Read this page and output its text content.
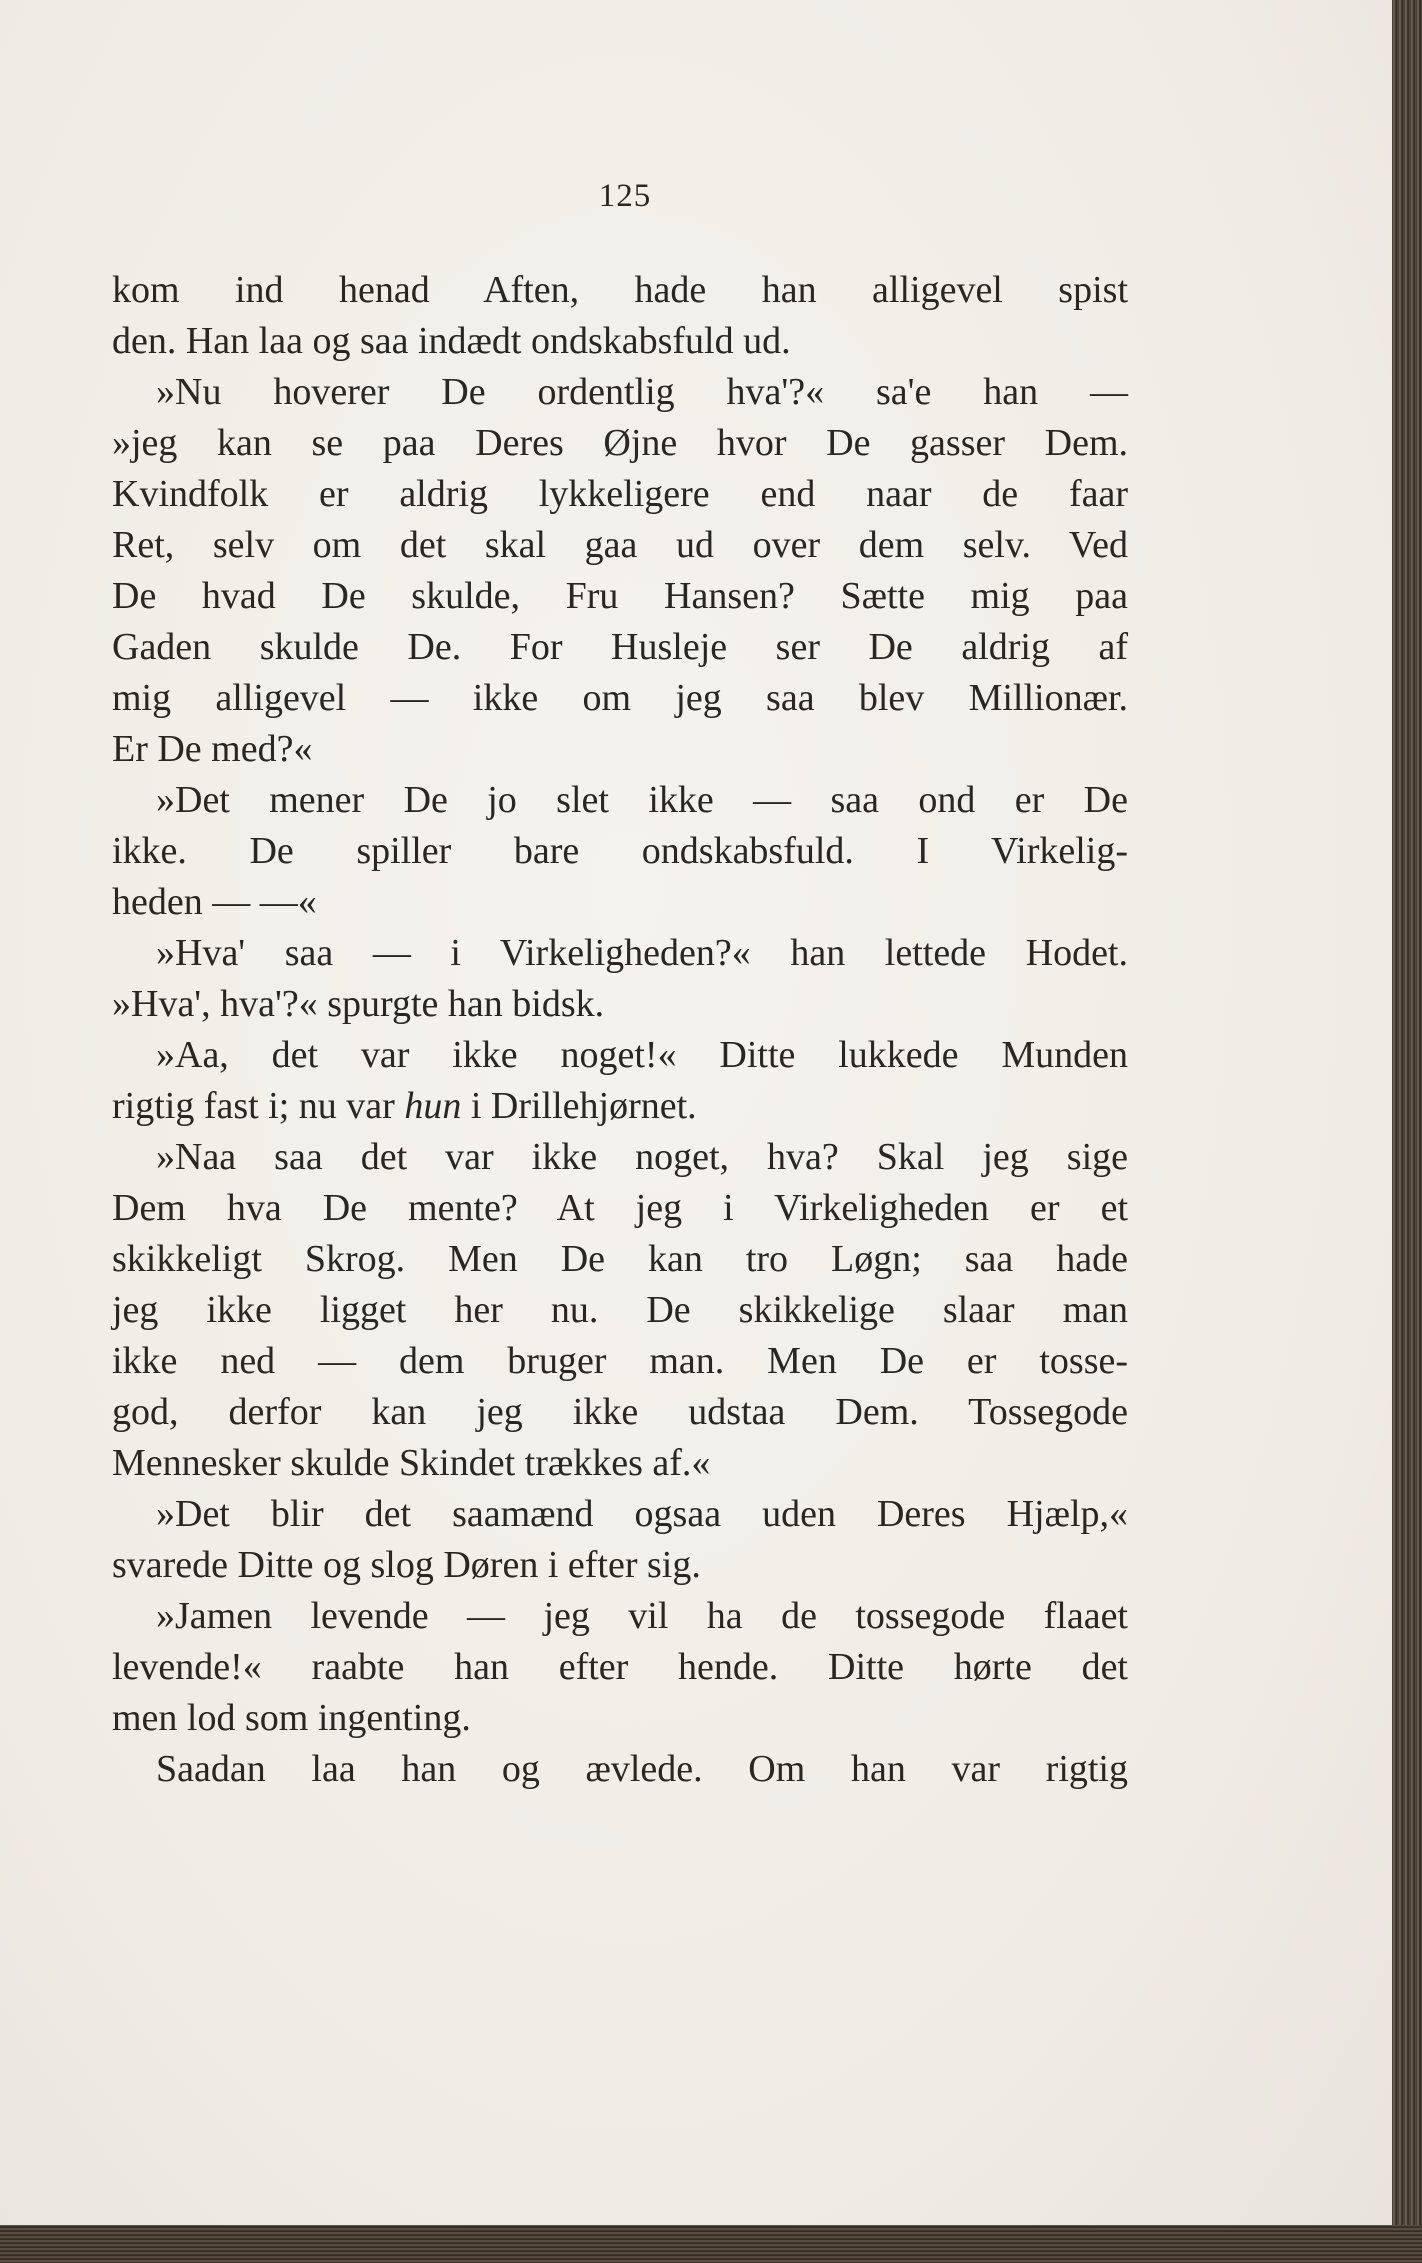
125
kom ind henad Aften, hade han alligevel spist
den. Han laa og saa indædt ondskabsfuld ud.
»Nu hoverer De ordentlig hva'?« sa'e han —
»jeg kan se paa Deres Øjne hvor De gasser Dem.
Kvindfolk er aldrig lykkeligere end naar de faar
Ret, selv om det skal gaa ud over dem selv. Ved
De hvad De skulde, Fru Hansen? Sætte mig paa
Gaden skulde De. For Husleje ser De aldrig af
mig alligevel — ikke om jeg saa blev Millionær.
Er De med?«
»Det mener De jo slet ikke — saa ond er De
ikke. De spiller bare ondskabsfuld. I Virkelig-
heden — —«
»Hva' saa — i Virkeligheden?« han lettede Hodet.
»Hva', hva'?« spurgte han bidsk.
»Aa, det var ikke noget!« Ditte lukkede Munden
rigtig fast i; nu var hun i Drillehjørnet.
»Naa saa det var ikke noget, hva? Skal jeg sige
Dem hva De mente? At jeg i Virkeligheden er et
skikkeligt Skrog. Men De kan tro Løgn; saa hade
jeg ikke ligget her nu. De skikkelige slaar man
ikke ned — dem bruger man. Men De er tosse-
god, derfor kan jeg ikke udstaa Dem. Tossegode
Mennesker skulde Skindet trækkes af.«
»Det blir det saamænd ogsaa uden Deres Hjælp,«
svarede Ditte og slog Døren i efter sig.
»Jamen levende — jeg vil ha de tossegode flaaet
levende!« raabte han efter hende. Ditte hørte det
men lod som ingenting.
Saadan laa han og ævlede. Om han var rigtig
